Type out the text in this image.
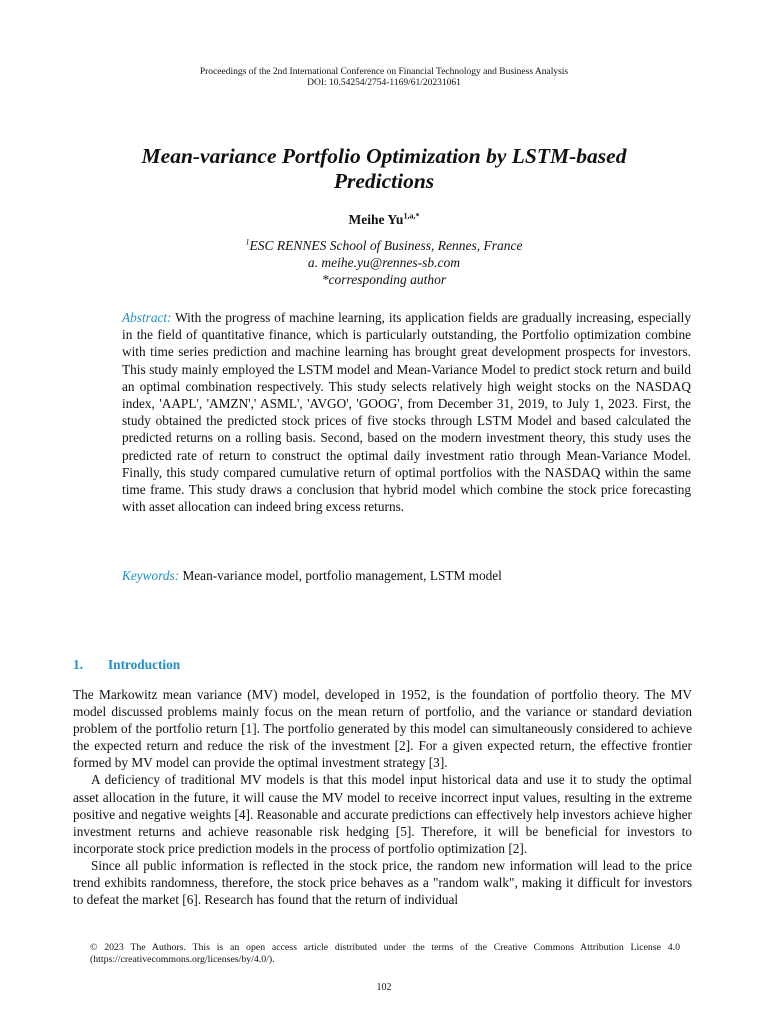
Proceedings of the 2nd International Conference on Financial Technology and Business Analysis
DOI: 10.54254/2754-1169/61/20231061
Mean-variance Portfolio Optimization by LSTM-based
Predictions
Meihe $Yu^{1,a,*}$
$^1$ESC RENNES School of Business, Rennes, France
a. meihe.yu@rennes-sb.com
*corresponding author

Abstract: With the progress of machine learning, its application fields are gradually increasing, especially in the field of quantitative finance, which is particularly outstanding, the Portfolio optimization combine with time series prediction and machine learning has brought great development prospects for investors. This study mainly employed the LSTM model and Mean-Variance Model to predict stock return and build an optimal combination respectively. This study selects relatively high weight stocks on the NASDAQ index, 'AAPL', 'AMZN',' ASML', 'AVGO', 'GOOG', from December 31, 2019, to July 1, 2023. First, the study obtained the predicted stock prices of five stocks through LSTM Model and based calculated the predicted returns on a rolling basis. Second, based on the modern investment theory, this study uses the predicted rate of return to construct the optimal daily investment ratio through Mean-Variance Model. Finally, this study compared cumulative return of optimal portfolios with the NASDAQ within the same time frame. This study draws a conclusion that hybrid model which combine the stock price forecasting with asset allocation can indeed bring excess returns.

Keywords: Mean-variance model, portfolio management, LSTM model

1. Introduction

The Markowitz mean variance (MV) model, developed in 1952, is the foundation of portfolio theory. The MV model discussed problems mainly focus on the mean return of portfolio, and the variance or standard deviation problem of the portfolio return [1]. The portfolio generated by this model can simultaneously considered to achieve the expected return and reduce the risk of the investment [2]. For a given expected return, the effective frontier formed by MV model can provide the optimal investment strategy [3].

A deficiency of traditional MV models is that this model input historical data and use it to study the optimal asset allocation in the future, it will cause the MV model to receive incorrect input values, resulting in the extreme positive and negative weights [4]. Reasonable and accurate predictions can effectively help investors achieve higher investment returns and achieve reasonable risk hedging [5]. Therefore, it will be beneficial for investors to incorporate stock price prediction models in the process of portfolio optimization [2].

Since all public information is reflected in the stock price, the random new information will lead to the price trend exhibits randomness, therefore, the stock price behaves as a "random walk", making it difficult for investors to defeat the market [6]. Research has found that the return of individual

© 2023 The Authors. This is an open access article distributed under the terms of the Creative Commons Attribution License 4.0 (https://creativecommons.org/licenses/by/4.0/).

102
